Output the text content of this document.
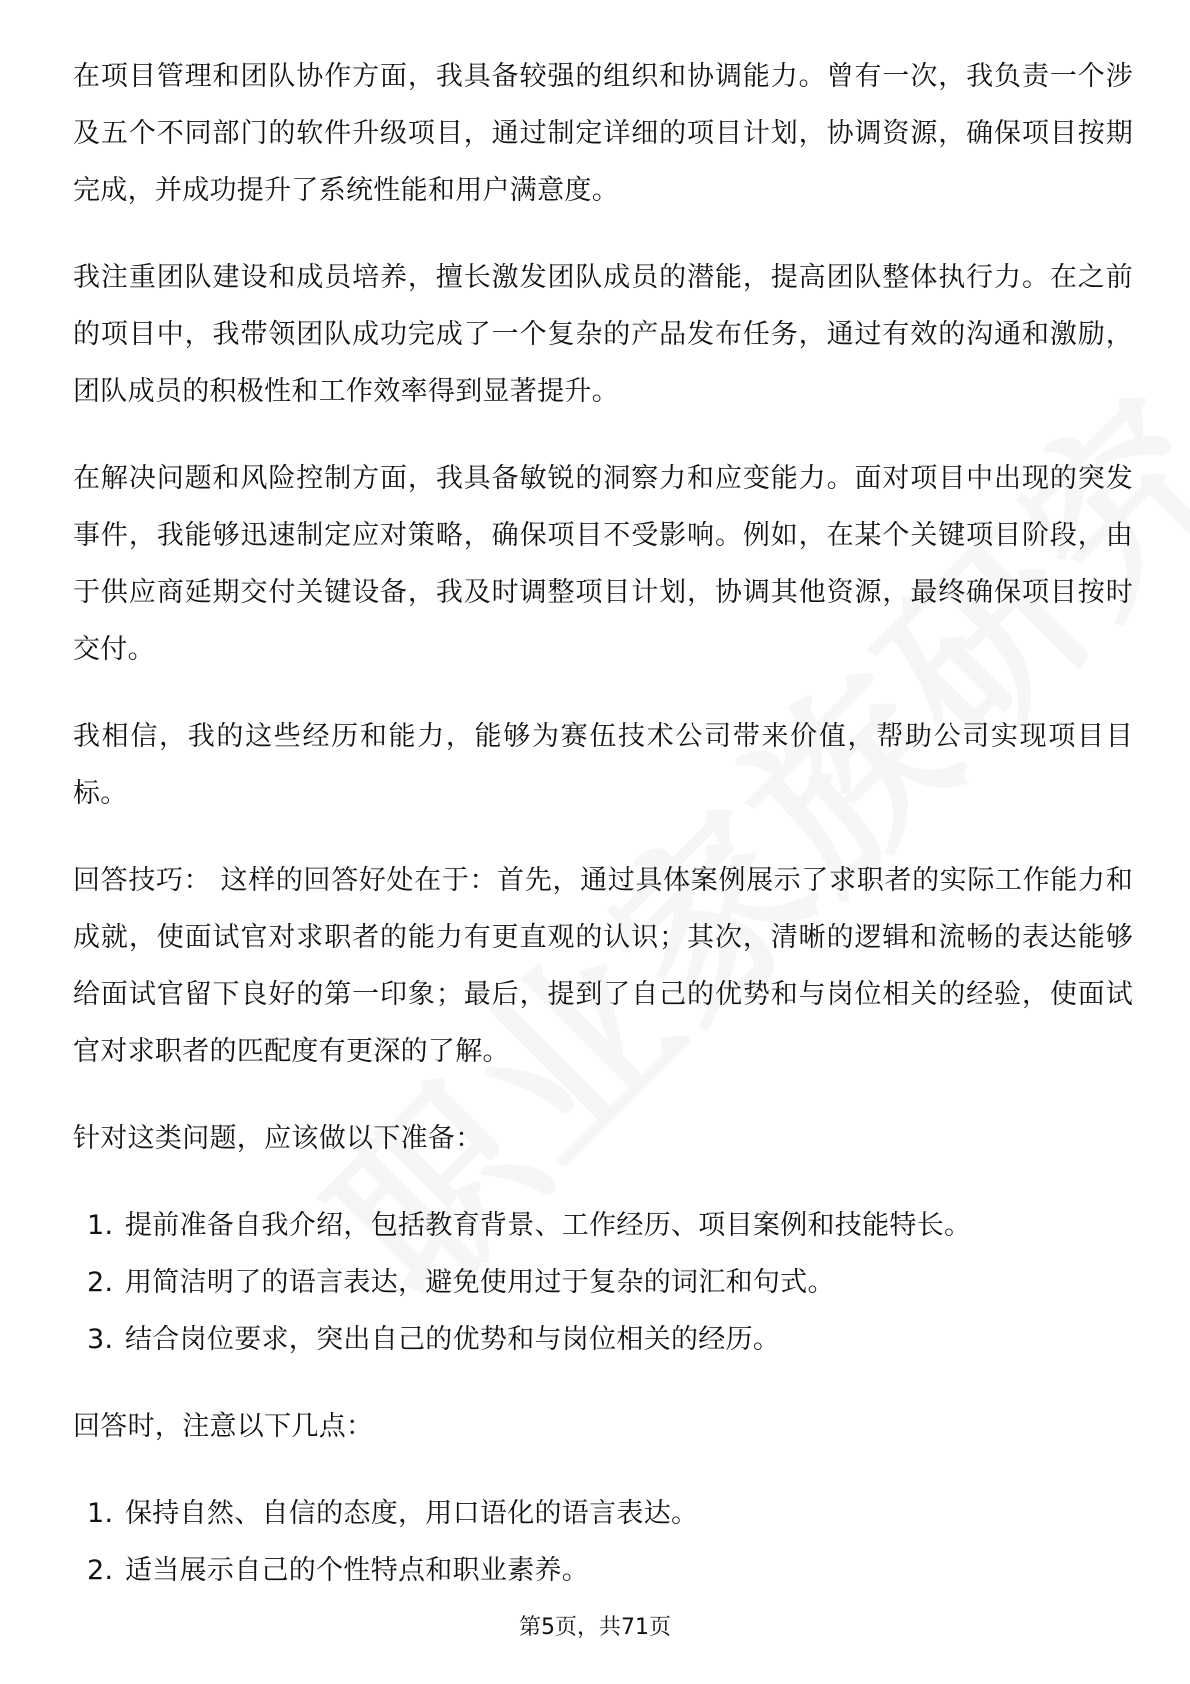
在项目管理和团队协作方面，我具备较强的组织和协调能力。曾有一次，我负责一个涉及五个不同部门的软件升级项目，通过制定详细的项目计划，协调资源，确保项目按期完成，并成功提升了系统性能和用户满意度。

我注重团队建设和成员培养，擅长激发团队成员的潜能，提高团队整体执行力。在之前的项目中，我带领团队成功完成了一个复杂的产品发布任务，通过有效的沟通和激励，团队成员的积极性和工作效率得到显著提升。

在解决问题和风险控制方面，我具备敏锐的洞察力和应变能力。面对项目中出现的突发事件，我能够迅速制定应对策略，确保项目不受影响。例如，在某个关键项目阶段，由于供应商延期交付关键设备，我及时调整项目计划，协调其他资源，最终确保项目按时交付。

我相信，我的这些经历和能力，能够为赛伍技术公司带来价值，帮助公司实现项目目标。

回答技巧： 这样的回答好处在于：首先，通过具体案例展示了求职者的实际工作能力和成就，使面试官对求职者的能力有更直观的认识；其次，清晰的逻辑和流畅的表达能够给面试官留下良好的第一印象；最后，提到了自己的优势和与岗位相关的经验，使面试官对求职者的匹配度有更深的了解。

针对这类问题，应该做以下准备：

1. 提前准备自我介绍，包括教育背景、工作经历、项目案例和技能特长。
2. 用简洁明了的语言表达，避免使用过于复杂的词汇和句式。
3. 结合岗位要求，突出自己的优势和与岗位相关的经历。

回答时，注意以下几点：

1. 保持自然、自信的态度，用口语化的语言表达。
2. 适当展示自己的个性特点和职业素养。
第5页，共71页
